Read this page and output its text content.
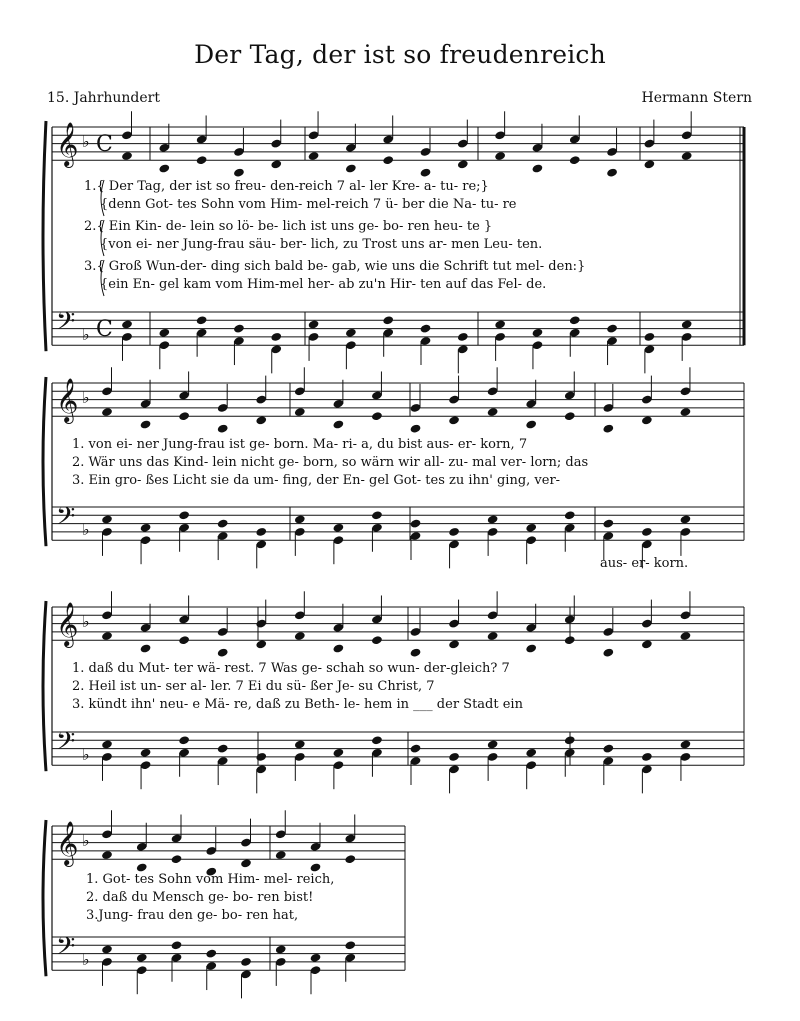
Der Tag, der ist so freudenreich
15. Jahrhundert	Hermann Stern
𝄞
𝄢
♭
♭
C
C
𝄞
𝄢
♭
♭
𝄞
𝄢
♭
♭
𝄞
𝄢
♭
♭
1.{ Der Tag, der ist so freu- den-reich 7 al- ler Kre- a- tu- re;}
{denn Got- tes Sohn vom Him- mel-reich 7 ü- ber die Na- tu- re
2.{ Ein Kin- de- lein so lö- be- lich ist uns ge- bo- ren heu- te }
{von ei- ner Jung-frau säu- ber- lich, zu Trost uns ar- men Leu- ten.
3.{ Groß Wun-der- ding sich bald be- gab, wie uns die Schrift tut mel- den:}
{ein En- gel kam vom Him-mel her- ab zu'n Hir- ten auf das Fel- de.
1. von ei- ner Jung-frau ist ge- born. Ma- ri- a, du bist aus- er- korn, 7
2. Wär uns das Kind- lein nicht ge- born, so wärn wir all- zu- mal ver- lorn; das
3. Ein gro- ßes Licht sie da um- fing, der En- gel Got- tes zu ihn' ging, ver-
aus- er- korn.
1. daß du Mut- ter wä- rest. 7 Was ge- schah so wun- der-gleich? 7
2. Heil ist un- ser al- ler. 7 Ei du sü- ßer Je- su Christ, 7
3. kündt ihn' neu- e Mä- re, daß zu Beth- le- hem in ___ der Stadt ein
1. Got- tes Sohn vom Him- mel- reich,
2. daß du Mensch ge- bo- ren bist!
3.Jung- frau den ge- bo- ren hat,
